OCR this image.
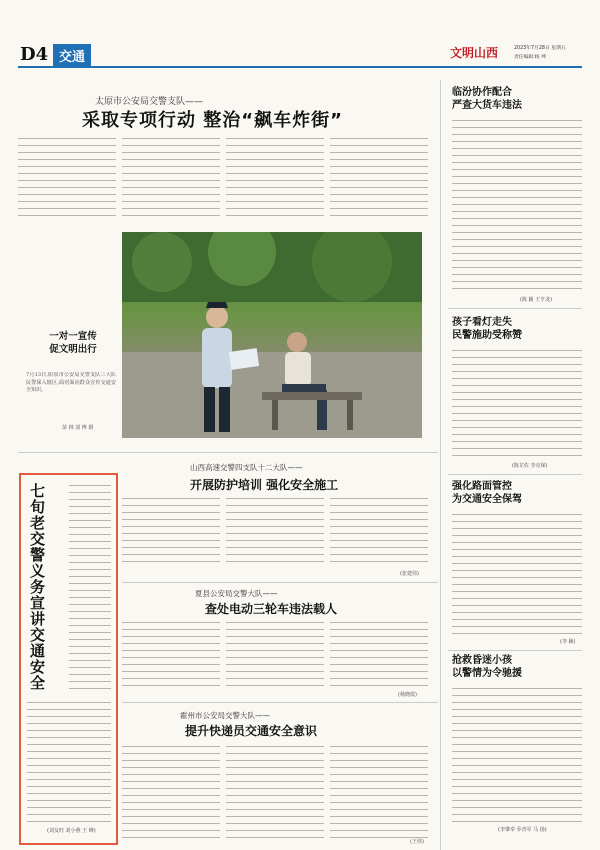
D4 交通	文明山西	2023年7月28日 星期五
责任编辑:杨 坤
太原市公安局交警支队——
采取专项行动 整治“飙车炸街”
一对一宣传
促文明出行
7月13日,阳泉市公安局交警支队三大队民警深入辖区,面对面向群众宣传交通安全知识。
苗 林 刘 博 摄
七旬老交警义务宣讲交通安全
(刘友旺 刘小燕 王 峰)
山西高速交警四支队十二大队——
开展防护培训 强化安全施工
(张建伟)
夏县公安局交警大队——
查处电动三轮车违法载人
(杨晓霞)
霍州市公安局交警大队——
提升快递员交通安全意识
(王伟)
临汾协作配合
严查大货车违法
(陈 颖 王亨龙)
孩子看灯走失
民警施助受称赞
(陈芷佐 李亮琛)
强化路面管控
为交通安全保驾
(李 颖)
抢救昏迷小孩
以警情为令驰援
(李肇奉 乔青军 马 扬)
